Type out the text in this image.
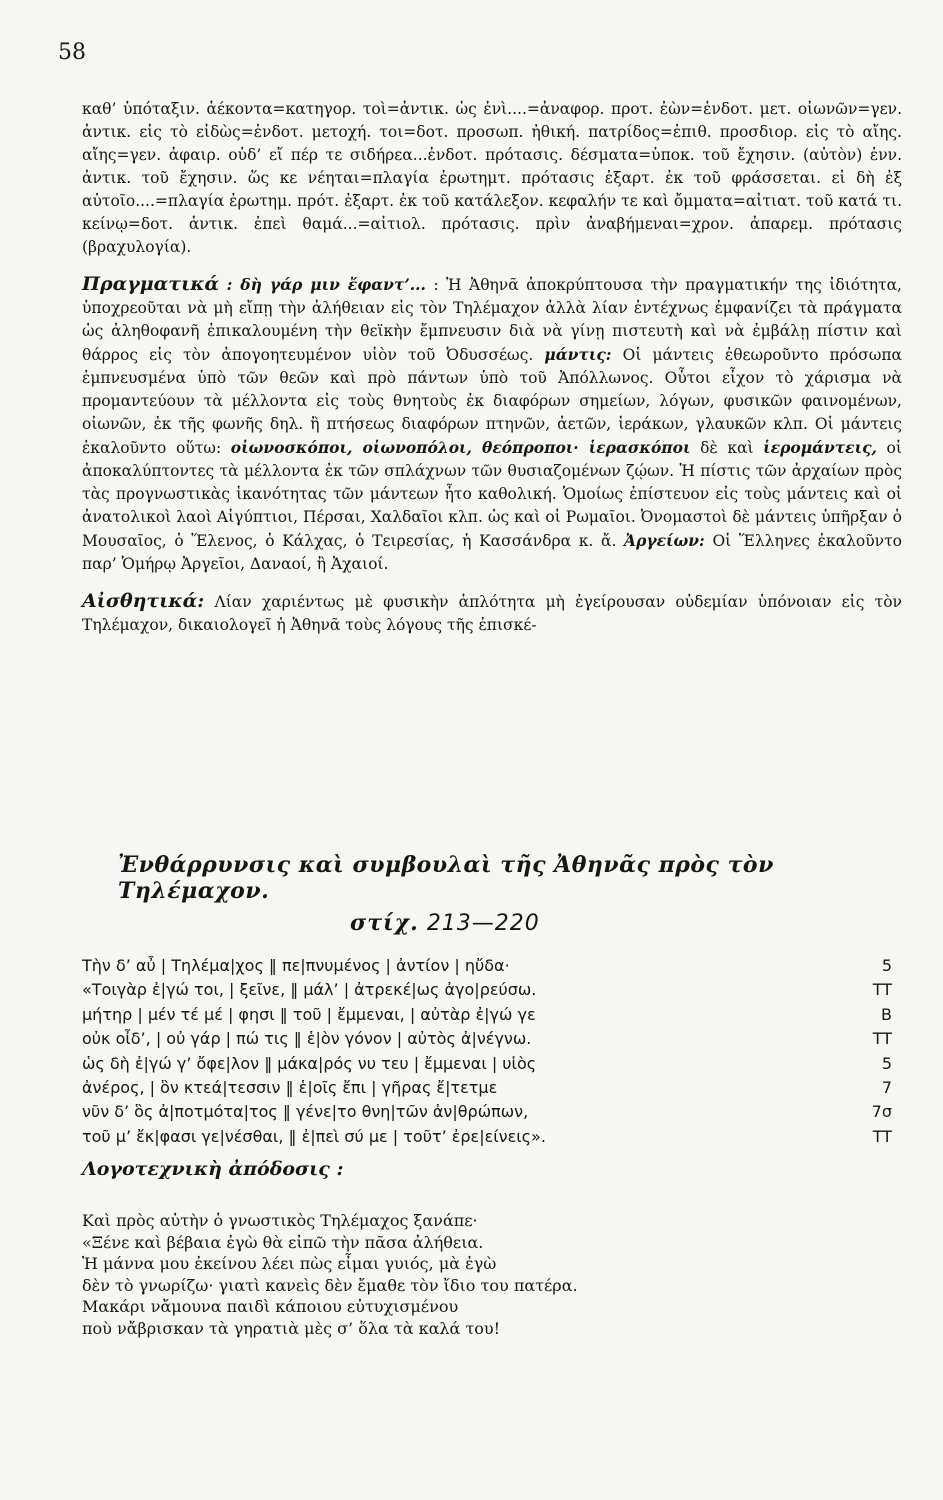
58

καθ’ ὑπόταξιν. ἀέκοντα=κατηγορ. τοὶ=ἀντικ. ὡς ἐνὶ....=ἀναφορ. προτ. ἐὼν=ἐνδοτ. μετ. οἰωνῶν=γεν. ἀντικ. εἰς τὸ εἰδὼς=ἐνδοτ. μετοχή. τοι=δοτ. προσωπ. ἠθική. πατρίδος=ἐπιθ. προσδιορ. εἰς τὸ αἴης. αἴης=γεν. ἀφαιρ. οὐδ’ εἴ πέρ τε σιδήρεα...ἐνδοτ. πρότασις. δέσματα=ὑποκ. τοῦ ἔχησιν. (αὐτὸν) ἐνν. ἀντικ. τοῦ ἔχησιν. ὥς κε νέηται=πλαγία ἐρωτημτ. πρότασις ἐξαρτ. ἐκ τοῦ φράσσεται. εἰ δὴ ἐξ αὐτοῖο....=πλαγία ἐρωτημ. πρότ. ἐξαρτ. ἐκ τοῦ κατάλεξον. κεφαλήν τε καὶ ὄμματα=αἰτιατ. τοῦ κατά τι. κείνῳ=δοτ. ἀντικ. ἐπεὶ θαμά...=αἰτιολ. πρότασις. πρὶν ἀναβήμεναι=χρον. ἀπαρεμ. πρότασις (βραχυλογία).

Πραγματικά : δὴ γάρ μιν ἔφαντ’... : Ἡ Ἀθηνᾶ ἀποκρύπτουσα τὴν πραγματικήν της ἰδιότητα, ὑποχρεοῦται νὰ μὴ εἴπῃ τὴν ἀλήθειαν εἰς τὸν Τηλέμαχον ἀλλὰ λίαν ἐντέχνως ἐμφανίζει τὰ πράγματα ὡς ἀληθοφανῆ ἐπικαλουμένη τὴν θεϊκὴν ἔμπνευσιν διὰ νὰ γίνῃ πιστευτὴ καὶ νὰ ἐμβάλῃ πίστιν καὶ θάρρος εἰς τὸν ἀπογοητευμένον υἱὸν τοῦ Ὀδυσσέως. μάντις: Οἱ μάντεις ἐθεωροῦντο πρόσωπα ἐμπνευσμένα ὑπὸ τῶν θεῶν καὶ πρὸ πάντων ὑπὸ τοῦ Ἀπόλλωνος. Οὗτοι εἶχον τὸ χάρισμα νὰ προμαντεύουν τὰ μέλλοντα εἰς τοὺς θνητοὺς ἐκ διαφόρων σημείων, λόγων, φυσικῶν φαινομένων, οἰωνῶν, ἐκ τῆς φωνῆς δηλ. ἢ πτήσεως διαφόρων πτηνῶν, ἀετῶν, ἱεράκων, γλαυκῶν κλπ. Οἱ μάντεις ἐκαλοῦντο οὕτω: οἰωνοσκόποι, οἰωνοπόλοι, θεόπροποι· ἱερασκόποι δὲ καὶ ἱερομάντεις, οἱ ἀποκαλύπτοντες τὰ μέλλοντα ἐκ τῶν σπλάχνων τῶν θυσιαζομένων ζῴων. Ἡ πίστις τῶν ἀρχαίων πρὸς τὰς προγνωστικὰς ἱκανότητας τῶν μάντεων ἦτο καθολική. Ὁμοίως ἐπίστευον εἰς τοὺς μάντεις καὶ οἱ ἀνατολικοὶ λαοὶ Αἰγύπτιοι, Πέρσαι, Χαλδαῖοι κλπ. ὡς καὶ οἱ Ρωμαῖοι. Ὀνομαστοὶ δὲ μάντεις ὑπῆρξαν ὁ Μουσαῖος, ὁ Ἕλενος, ὁ Κάλχας, ὁ Τειρεσίας, ἡ Κασσάνδρα κ. ἄ. Ἀργείων: Οἱ Ἕλληνες ἐκαλοῦντο παρ’ Ὁμήρῳ Ἀργεῖοι, Δαναοί, ἢ Ἀχαιοί.

Αἰσθητικά: Λίαν χαριέντως μὲ φυσικὴν ἁπλότητα μὴ ἐγείρουσαν οὐδεμίαν ὑπόνοιαν εἰς τὸν Τηλέμαχον, δικαιολογεῖ ἡ Ἀθηνᾶ τοὺς λόγους τῆς ἐπισκέ-

Ἐνθάρρυνσις καὶ συμβουλαὶ τῆς Ἀθηνᾶς πρὸς τὸν Τηλέμαχον.
στίχ. 213—220
Τὴν δ’ αὖ | Τηλέμα|χος ‖ πε|πνυμένος | ἀντίον | ηὔδα·	5
«Τοιγὰρ ἐ|γώ τοι, | ξεῖνε, ‖ μάλ’ | ἀτρεκέ|ως ἀγο|ρεύσω.	TT
μήτηρ | μέν τέ μέ | φησι ‖ τοῦ | ἔμμεναι, | αὐτὰρ ἐ|γώ γε	B
οὐκ οἶδ’, | οὐ γάρ | πώ τις ‖ ἑ|ὸν γόνον | αὐτὸς ἀ|νέγνω.	TT
ὡς δὴ ἐ|γώ γ’ ὄφε|λον ‖ μάκα|ρός νυ τευ | ἔμμεναι | υἱὸς	5
ἀνέρος, | ὃν κτεά|τεσσιν ‖ ἑ|οῖς ἔπι | γῆρας ἔ|τετμε	7
νῦν δ’ ὃς ἀ|ποτμότα|τος ‖ γένε|το θνη|τῶν ἀν|θρώπων,	7σ
τοῦ μ’ ἔκ|φασι γε|νέσθαι, ‖ ἐ|πεὶ σύ με | τοῦτ’ ἐρε|είνεις».	TT
Λογοτεχνικὴ ἀπόδοσις :
Καὶ πρὸς αὐτὴν ὁ γνωστικὸς Τηλέμαχος ξανάπε·
«Ξένε καὶ βέβαια ἐγὼ θὰ εἰπῶ τὴν πᾶσα ἀλήθεια.
Ἡ μάννα μου ἐκείνου λέει πὼς εἶμαι γυιός, μὰ ἐγὼ
δὲν τὸ γνωρίζω· γιατὶ κανεὶς δὲν ἔμαθε τὸν ἴδιο του πατέρα.
Μακάρι νἄμουνα παιδὶ κάποιου εὐτυχισμένου
ποὺ νἄβρισκαν τὰ γηρατιὰ μὲς σ’ ὅλα τὰ καλά του!
